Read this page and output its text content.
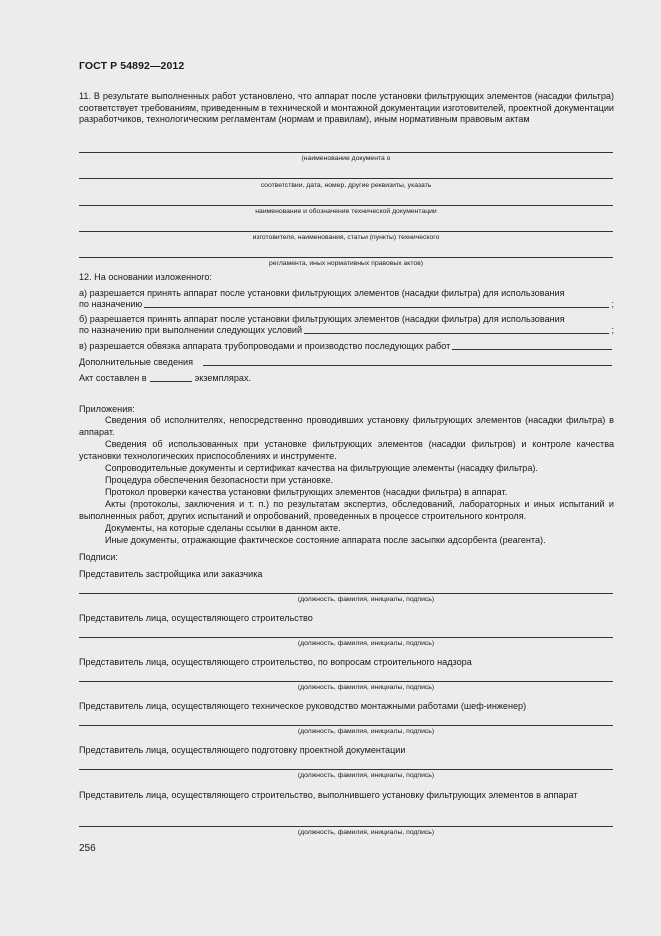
ГОСТ Р 54892—2012

11. В результате выполненных работ установлено, что аппарат после установки фильтрующих элементов (насадки фильтра) соответствует требованиям, приведенным в технической и монтажной документации изготовителей, проектной документации разработчиков, технологическим регламентам (нормам и правилам), иным нормативным правовым актам

(наименование документа о
соответствии, дата, номер, другие реквизиты, указать
наименование и обозначение технической документации
изготовителя, наименования, статьи (пункты) технического
регламента, иных нормативных правовых актов)

12. На основании изложенного:

а) разрешается принять аппарат после установки фильтрующих элементов (насадки фильтра) для использования

по назначению	;

б) разрешается принять аппарат после установки фильтрующих элементов (насадки фильтра) для использования

по назначению при выполнении следующих условий	;
в) разрешается обвязка аппарата трубопроводами и производство последующих работ
Дополнительные сведения
Акт составлен в	экземплярах.

Приложения:

Сведения об исполнителях, непосредственно проводивших установку фильтрующих элементов (насадки фильтра) в аппарат.

Сведения об использованных при установке фильтрующих элементов (насадки фильтров) и контроле качества установки технологических приспособлениях и инструменте.

Сопроводительные документы и сертификат качества на фильтрующие элементы (насадку фильтра).

Процедура обеспечения безопасности при установке.

Протокол проверки качества установки фильтрующих элементов (насадки фильтра) в аппарат.

Акты (протоколы, заключения и т. п.) по результатам экспертиз, обследований, лабораторных и иных испытаний и выполненных работ, других испытаний и опробований, проведенных в процессе строительного контроля.

Документы, на которые сделаны ссылки в данном акте.

Иные документы, отражающие фактическое состояние аппарата после засыпки адсорбента (реагента).

Подписи:

Представитель застройщика или заказчика

(должность, фамилия, инициалы, подпись)

Представитель лица, осуществляющего строительство

(должность, фамилия, инициалы, подпись)

Представитель лица, осуществляющего строительство, по вопросам строительного надзора

(должность, фамилия, инициалы, подпись)

Представитель лица, осуществляющего техническое руководство монтажными работами (шеф-инженер)

(должность, фамилия, инициалы, подпись)

Представитель лица, осуществляющего подготовку проектной документации

(должность, фамилия, инициалы, подпись)

Представитель лица, осуществляющего строительство, выполнившего установку фильтрующих элементов в аппарат

(должность, фамилия, инициалы, подпись)
256
